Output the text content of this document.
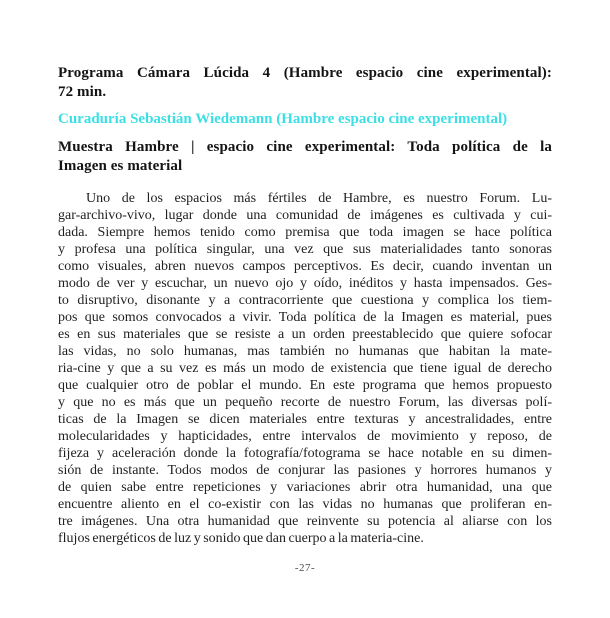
Programa Cámara Lúcida 4 (Hambre espacio cine experimental):
72 min.
Curaduría Sebastián Wiedemann (Hambre espacio cine experimental)
Muestra Hambre | espacio cine experimental: Toda política de la
Imagen es material
Uno de los espacios más fértiles de Hambre, es nuestro Forum. Lu-
gar-archivo-vivo, lugar donde una comunidad de imágenes es cultivada y cui-
dada. Siempre hemos tenido como premisa que toda imagen se hace política
y profesa una política singular, una vez que sus materialidades tanto sonoras
como visuales, abren nuevos campos perceptivos. Es decir, cuando inventan un
modo de ver y escuchar, un nuevo ojo y oído, inéditos y hasta impensados. Ges-
to disruptivo, disonante y a contracorriente que cuestiona y complica los tiem-
pos que somos convocados a vivir. Toda política de la Imagen es material, pues
es en sus materiales que se resiste a un orden preestablecido que quiere sofocar
las vidas, no solo humanas, mas también no humanas que habitan la mate-
ria-cine y que a su vez es más un modo de existencia que tiene igual de derecho
que cualquier otro de poblar el mundo. En este programa que hemos propuesto
y que no es más que un pequeño recorte de nuestro Forum, las diversas polí-
ticas de la Imagen se dicen materiales entre texturas y ancestralidades, entre
molecularidades y hapticidades, entre intervalos de movimiento y reposo, de
fijeza y aceleración donde la fotografía/fotograma se hace notable en su dimen-
sión de instante. Todos modos de conjurar las pasiones y horrores humanos y
de quien sabe entre repeticiones y variaciones abrir otra humanidad, una que
encuentre aliento en el co-existir con las vidas no humanas que proliferan en-
tre imágenes. Una otra humanidad que reinvente su potencia al aliarse con los
flujos energéticos de luz y sonido que dan cuerpo a la materia-cine.
-27-
